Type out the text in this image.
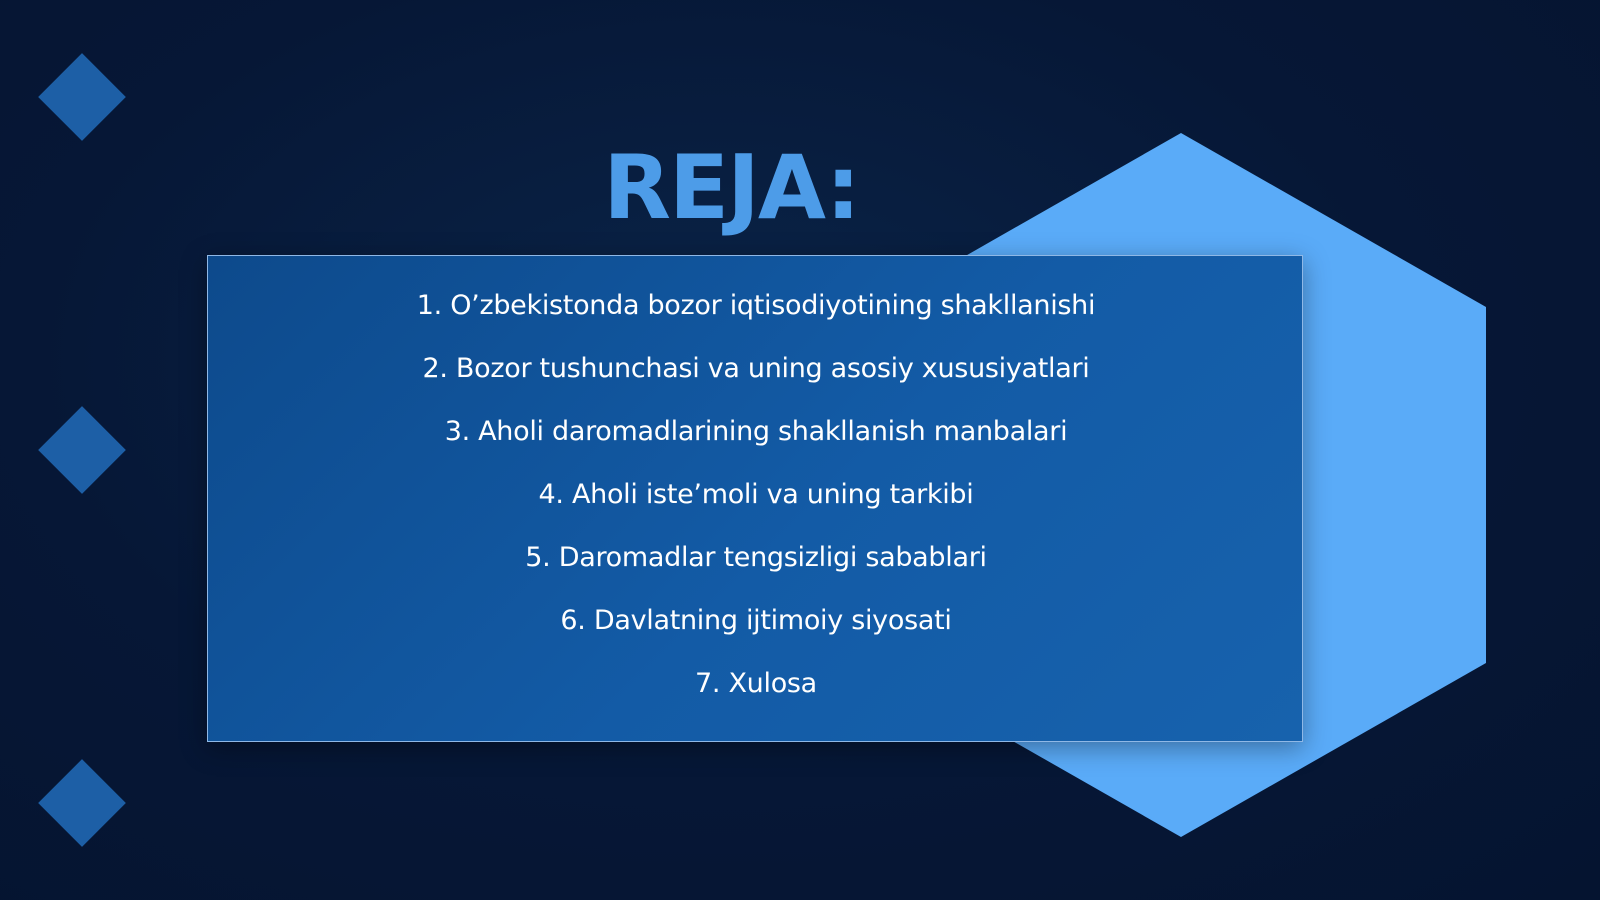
REJA:
1. O’zbekistonda bozor iqtisodiyotining shakllanishi
2. Bozor tushunchasi va uning asosiy xususiyatlari
3. Aholi daromadlarining shakllanish manbalari
4. Aholi iste’moli va uning tarkibi
5. Daromadlar tengsizligi sabablari
6. Davlatning ijtimoiy siyosati
7. Xulosa
